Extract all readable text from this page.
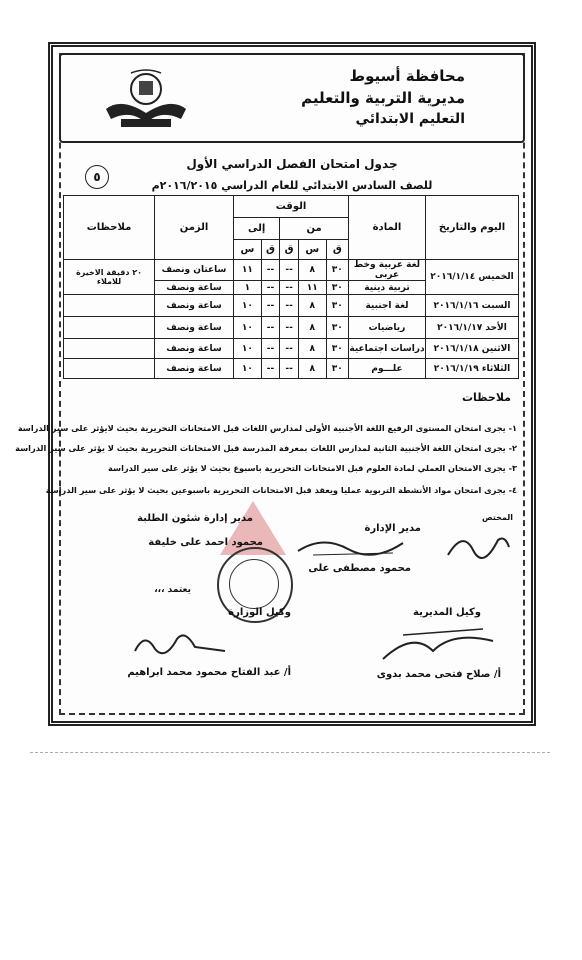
محافظة أسيوط
مديرية التربية والتعليم
التعليم الابتدائي
جدول امتحان الفصل الدراسي الأول
للصف السادس الابتدائي للعام الدراسي ٢٠١٦/٢٠١٥م
٥
اليوم والتاريخ	المادة	الوقت					الزمن	ملاحظات
		من			إلى			
		ق	س	ق	ق	س		
الخميس ٢٠١٦/١/١٤	لغة عربية وخط عربى	٣٠	٨	--	--	١١	ساعتان ونصف	٢٠ دقيقة الاخيرة للاملاء
	تربية دينية	٣٠	١١	--	--	١	ساعة ونصف	
السبت ٢٠١٦/١/١٦	لغة اجنبية	٣٠	٨	--	--	١٠	ساعة ونصف	
الأحد ٢٠١٦/١/١٧	رياضيات	٣٠	٨	--	--	١٠	ساعة ونصف	
الاثنين ٢٠١٦/١/١٨	دراسات اجتماعية	٣٠	٨	--	--	١٠	ساعة ونصف	
الثلاثاء ٢٠١٦/١/١٩	علـــوم	٣٠	٨	--	--	١٠	ساعة ونصف	
ملاحظات
١- يجرى امتحان المستوى الرفيع اللغة الأجنبية الأولى لمدارس اللغات قبل الامتحانات التحريرية بحيث لايؤثر على سير الدراسة
٢- يجرى امتحان اللغة الأجنبية الثانية لمدارس اللغات بمعرفة المدرسة قبل الامتحانات التحريرية بحيث لا يؤثر على سير الدراسة
٣- يجرى الامتحان العملي لمادة العلوم قبل الامتحانات التحريرية باسبوع بحيث لا يؤثر على سير الدراسة
٤- يجرى امتحان مواد الأنشطة التربوية عمليا ويعقد قبل الامتحانات التحريرية باسبوعين بحيث لا يؤثر على سير الدراسة
المختص
مدير الإدارة
مدير إدارة شئون الطلبة
محمود مصطفى على
محمود احمد على خليفة
يعتمد ،،،
وكيل الوزارة	وكيل المديرية
أ/ عبد الفتاح محمود محمد ابراهيم	أ/ صلاح فتحى محمد بدوى
